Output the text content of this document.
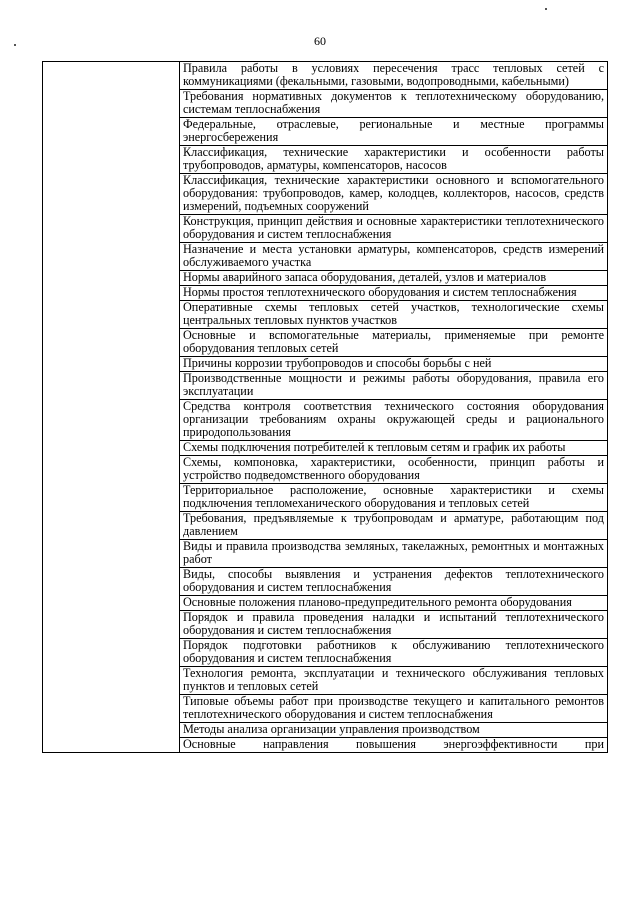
60
	Правила работы в условиях пересечения трасс тепловых сетей с коммуникациями (фекальными, газовыми, водопроводными, кабельными)
Требования нормативных документов к теплотехническому оборудованию, системам теплоснабжения
Федеральные, отраслевые, региональные и местные программы энергосбережения
Классификация, технические характеристики и особенности работы трубопроводов, арматуры, компенсаторов, насосов
Классификация, технические характеристики основного и вспомогательного оборудования: трубопроводов, камер, колодцев, коллекторов, насосов, средств измерений, подъемных сооружений
Конструкция, принцип действия и основные характеристики теплотехнического оборудования и систем теплоснабжения
Назначение и места установки арматуры, компенсаторов, средств измерений обслуживаемого участка
Нормы аварийного запаса оборудования, деталей, узлов и материалов
Нормы простоя теплотехнического оборудования и систем теплоснабжения
Оперативные схемы тепловых сетей участков, технологические схемы центральных тепловых пунктов участков
Основные и вспомогательные материалы, применяемые при ремонте оборудования тепловых сетей
Причины коррозии трубопроводов и способы борьбы с ней
Производственные мощности и режимы работы оборудования, правила его эксплуатации
Средства контроля соответствия технического состояния оборудования организации требованиям охраны окружающей среды и рационального природопользования
Схемы подключения потребителей к тепловым сетям и график их работы
Схемы, компоновка, характеристики, особенности, принцип работы и устройство подведомственного оборудования
Территориальное расположение, основные характеристики и схемы подключения тепломеханического оборудования и тепловых сетей
Требования, предъявляемые к трубопроводам и арматуре, работающим под давлением
Виды и правила производства земляных, такелажных, ремонтных и монтажных работ
Виды, способы выявления и устранения дефектов теплотехнического оборудования и систем теплоснабжения
Основные положения планово-предупредительного ремонта оборудования
Порядок и правила проведения наладки и испытаний теплотехнического оборудования и систем теплоснабжения
Порядок подготовки работников к обслуживанию теплотехнического оборудования и систем теплоснабжения
Технология ремонта, эксплуатации и технического обслуживания тепловых пунктов и тепловых сетей
Типовые объемы работ при производстве текущего и капитального ремонтов теплотехнического оборудования и систем теплоснабжения
Методы анализа организации управления производством
Основные направления повышения энергоэффективности при
